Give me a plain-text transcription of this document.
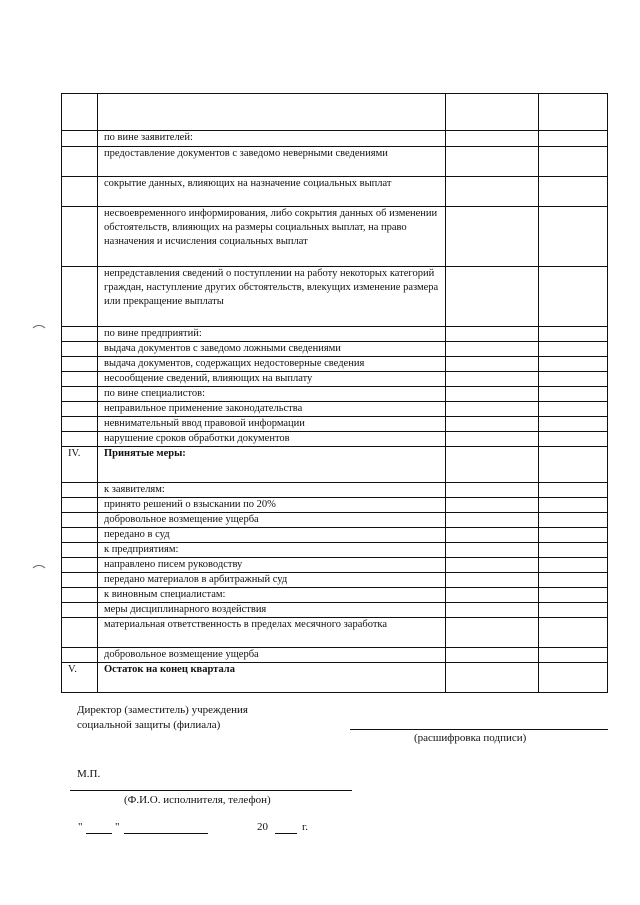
	по вине заявителей:		
	предоставление документов с заведомо неверными сведениями		
	сокрытие данных, влияющих на назначение социальных выплат		
	несвоевременного информирования, либо сокрытия данных об изменении обстоятельств, влияющих на размеры социальных выплат, на право назначения и исчисления социальных выплат		
	непредставления сведений о поступлении на работу некоторых категорий граждан, наступление других обстоятельств, влекущих изменение размера или прекращение выплаты		
	по вине предприятий:		
	выдача документов с заведомо ложными сведениями		
	выдача документов, содержащих недостоверные сведения		
	несообщение сведений, влияющих на выплату		
	по вине специалистов:		
	неправильное применение законодательства		
	невнимательный ввод правовой информации		
	нарушение сроков обработки документов		
IV.	Принятые меры:		
	к заявителям:		
	принято решений о взыскании по 20%		
	добровольное возмещение ущерба		
	передано в суд		
	к предприятиям:		
	направлено писем руководству		
	передано материалов в арбитражный суд		
	к виновным специалистам:		
	меры дисциплинарного воздействия		
	материальная ответственность в пределах месячного заработка		
	добровольное возмещение ущерба		
V.	Остаток на конец квартала		
Директор (заместитель) учреждения
социальной защиты (филиала)
(расшифровка подписи)
М.П.
(Ф.И.О. исполнителя, телефон)
"	"	20	г.
